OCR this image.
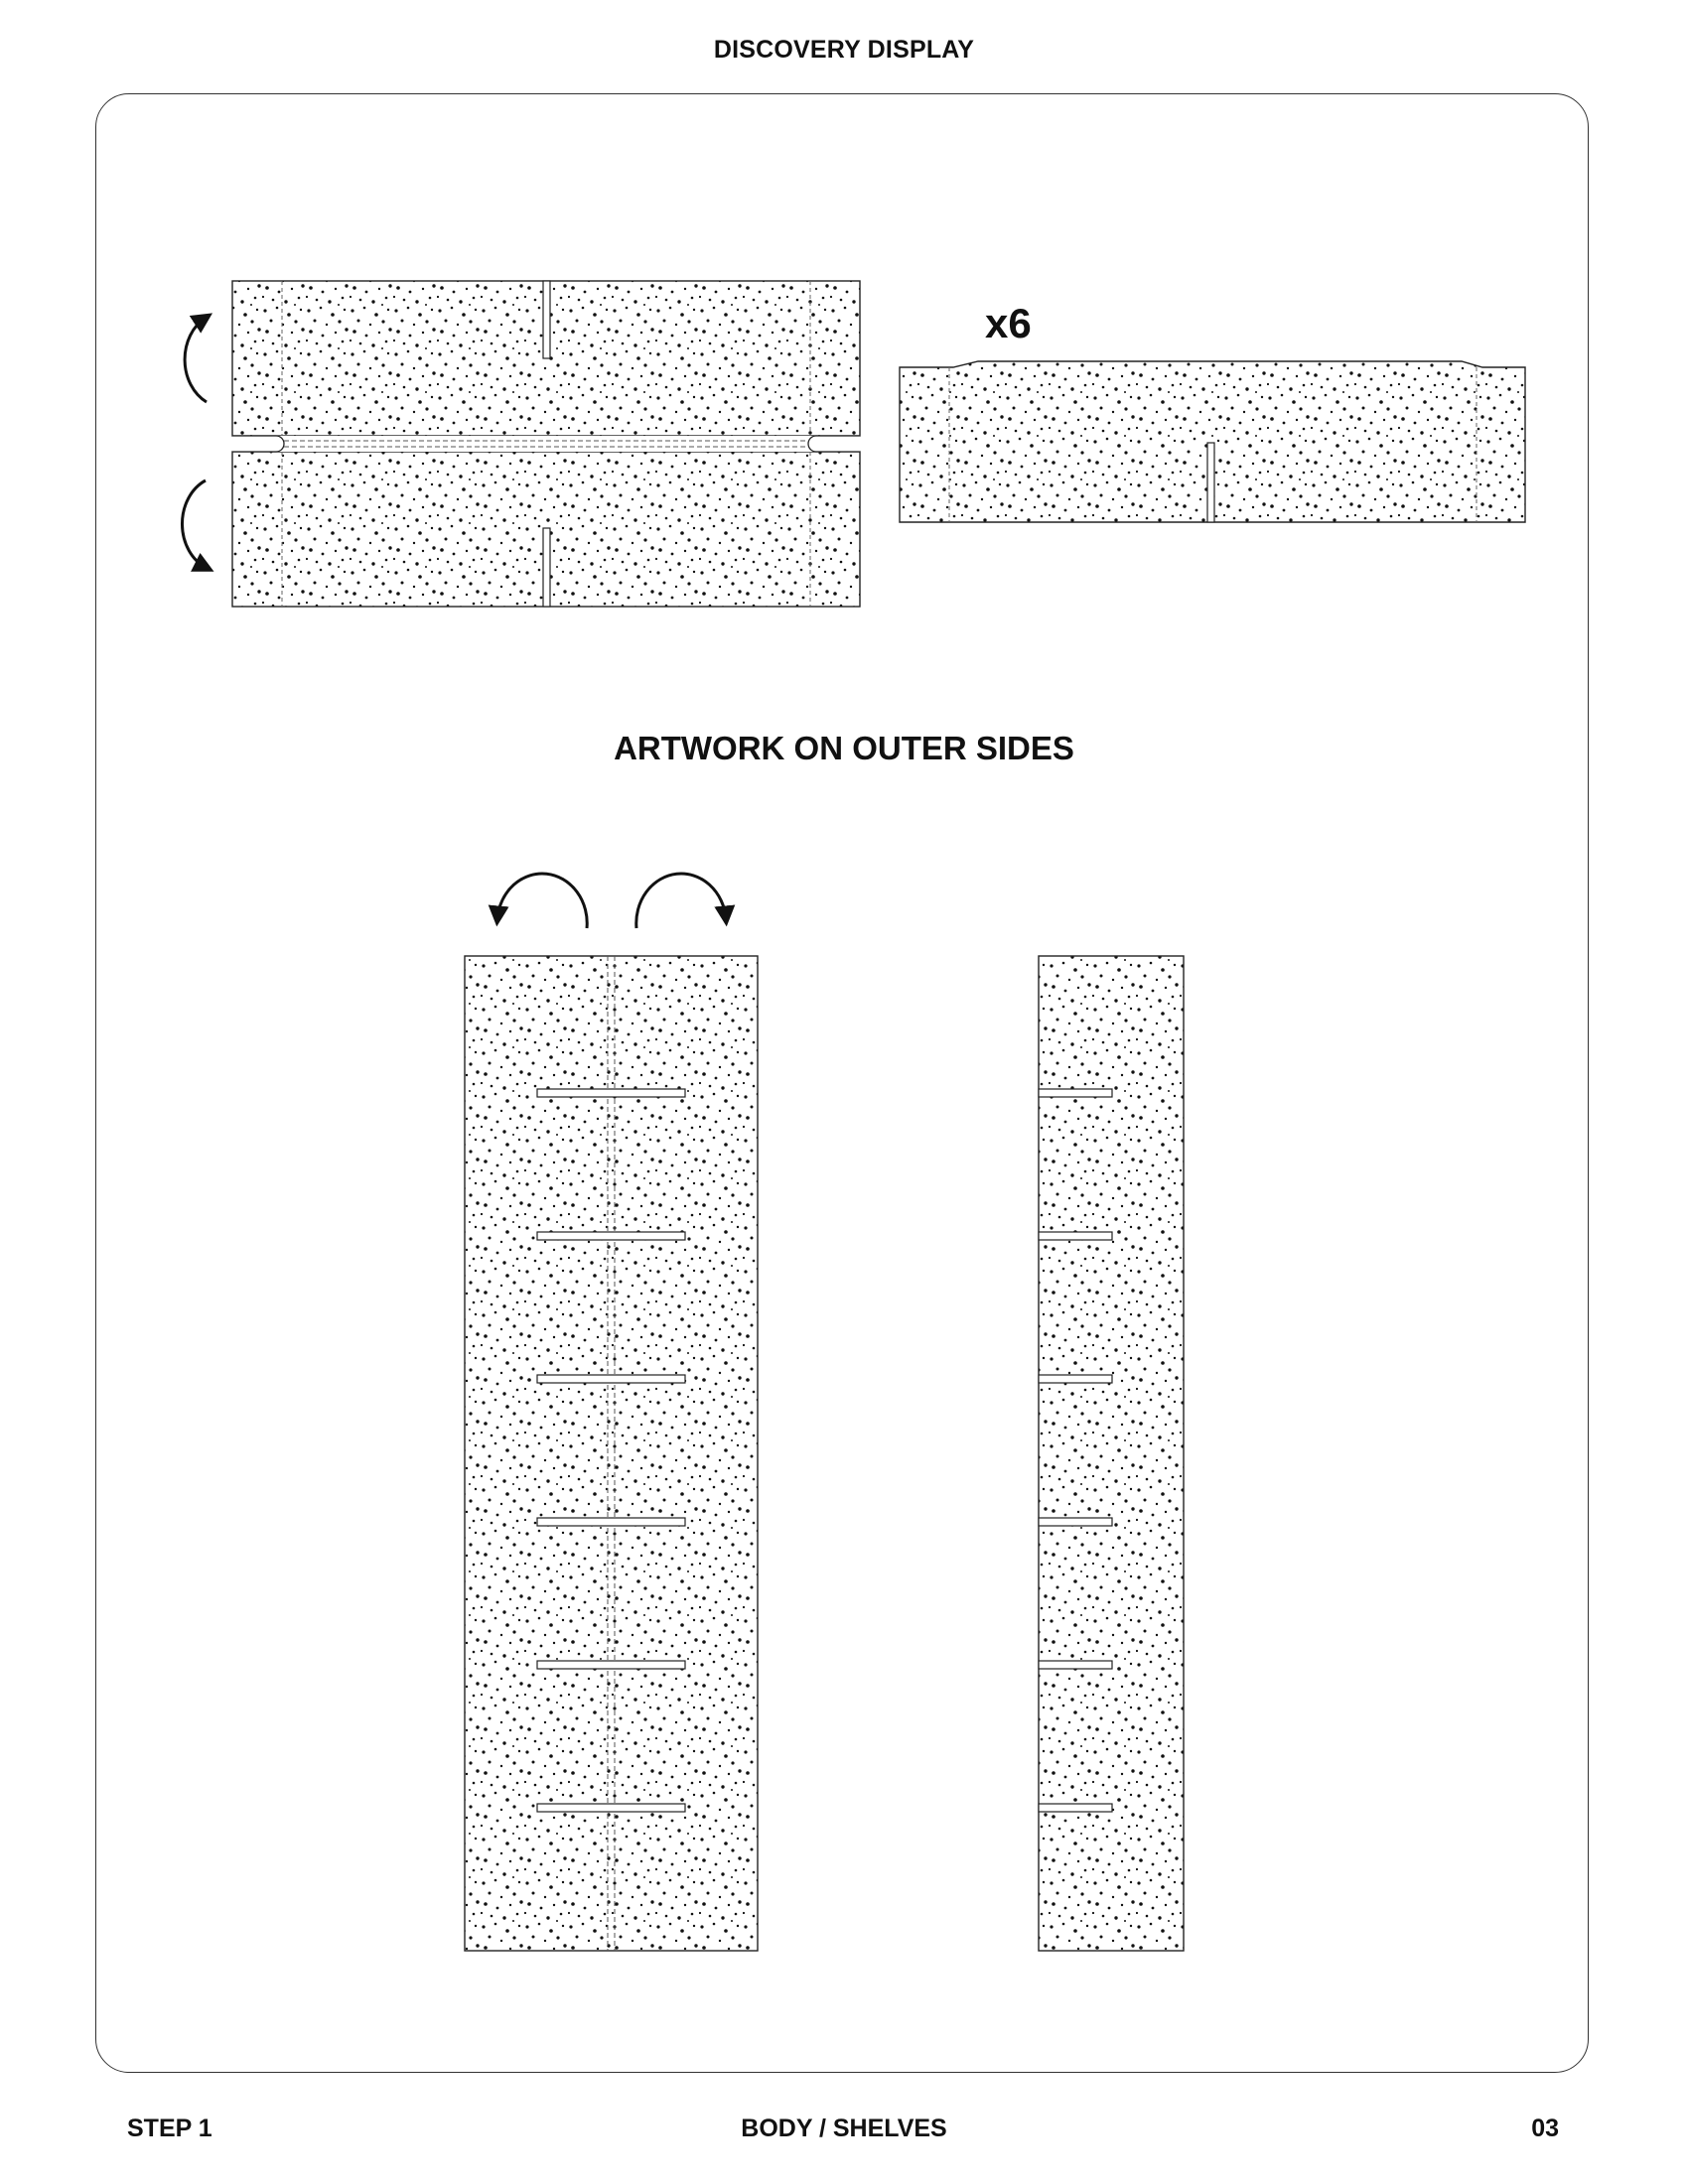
DISCOVERY DISPLAY
x6
ARTWORK ON OUTER SIDES
STEP 1	BODY / SHELVES	03
